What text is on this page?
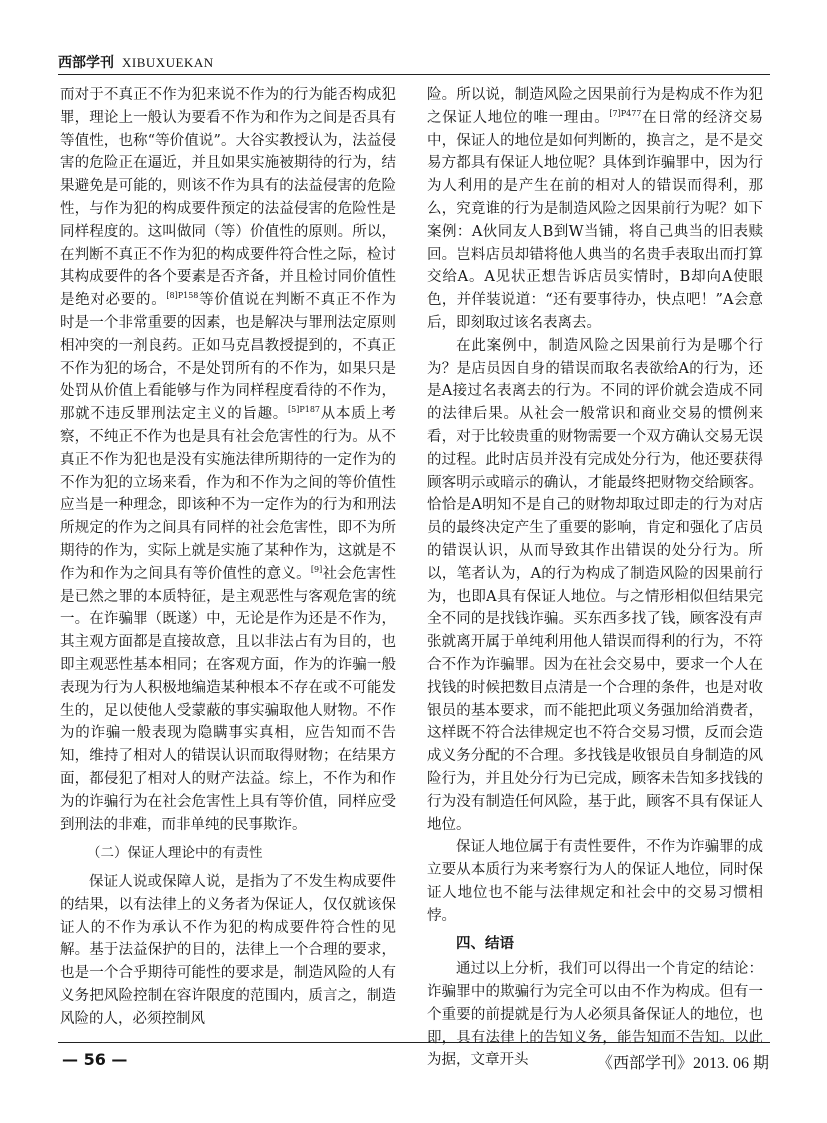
西部学刊 XIBUXUEKAN

而对于不真正不作为犯来说不作为的行为能否构成犯罪，理论上一般认为要看不作为和作为之间是否具有等值性，也称“等价值说”。大谷实教授认为，法益侵害的危险正在逼近，并且如果实施被期待的行为，结果避免是可能的，则该不作为具有的法益侵害的危险性，与作为犯的构成要件预定的法益侵害的危险性是同样程度的。这叫做同（等）价值性的原则。所以，在判断不真正不作为犯的构成要件符合性之际，检讨其构成要件的各个要素是否齐备，并且检讨同价值性是绝对必要的。$^{[8]P158}$等价值说在判断不真正不作为时是一个非常重要的因素，也是解决与罪刑法定原则相冲突的一剂良药。正如马克昌教授提到的，不真正不作为犯的场合，不是处罚所有的不作为，如果只是处罚从价值上看能够与作为同样程度看待的不作为，那就不违反罪刑法定主义的旨趣。$^{[5]P187}$从本质上考察，不纯正不作为也是具有社会危害性的行为。从不真正不作为犯也是没有实施法律所期待的一定作为的不作为犯的立场来看，作为和不作为之间的等价值性应当是一种理念，即该种不为一定作为的行为和刑法所规定的作为之间具有同样的社会危害性，即不为所期待的作为，实际上就是实施了某种作为，这就是不作为和作为之间具有等价值性的意义。[9]社会危害性是已然之罪的本质特征，是主观恶性与客观危害的统一。在诈骗罪（既遂）中，无论是作为还是不作为，其主观方面都是直接故意，且以非法占有为目的，也即主观恶性基本相同；在客观方面，作为的诈骗一般表现为行为人积极地编造某种根本不存在或不可能发生的，足以使他人受蒙蔽的事实骗取他人财物。不作为的诈骗一般表现为隐瞒事实真相，应告知而不告知，维持了相对人的错误认识而取得财物；在结果方面，都侵犯了相对人的财产法益。综上，不作为和作为的诈骗行为在社会危害性上具有等价值，同样应受到刑法的非难，而非单纯的民事欺诈。

（二）保证人理论中的有责性

保证人说或保障人说，是指为了不发生构成要件的结果，以有法律上的义务者为保证人，仅仅就该保证人的不作为承认不作为犯的构成要件符合性的见解。基于法益保护的目的，法律上一个合理的要求，也是一个合乎期待可能性的要求是，制造风险的人有义务把风险控制在容许限度的范围内，质言之，制造风险的人，必须控制风

险。所以说，制造风险之因果前行为是构成不作为犯之保证人地位的唯一理由。$^{[7]P477}$在日常的经济交易中，保证人的地位是如何判断的，换言之，是不是交易方都具有保证人地位呢？具体到诈骗罪中，因为行为人利用的是产生在前的相对人的错误而得利，那么，究竟谁的行为是制造风险之因果前行为呢？如下案例：A伙同友人B到W当铺，将自己典当的旧表赎回。岂料店员却错将他人典当的名贵手表取出而打算交给A。A见状正想告诉店员实情时，B却向A使眼色，并佯装说道：“还有要事待办，快点吧！”A会意后，即刻取过该名表离去。

在此案例中，制造风险之因果前行为是哪个行为？是店员因自身的错误而取名表欲给A的行为，还是A接过名表离去的行为。不同的评价就会造成不同的法律后果。从社会一般常识和商业交易的惯例来看，对于比较贵重的财物需要一个双方确认交易无误的过程。此时店员并没有完成处分行为，他还要获得顾客明示或暗示的确认，才能最终把财物交给顾客。恰恰是A明知不是自己的财物却取过即走的行为对店员的最终决定产生了重要的影响，肯定和强化了店员的错误认识，从而导致其作出错误的处分行为。所以，笔者认为，A的行为构成了制造风险的因果前行为，也即A具有保证人地位。与之情形相似但结果完全不同的是找钱诈骗。买东西多找了钱，顾客没有声张就离开属于单纯利用他人错误而得利的行为，不符合不作为诈骗罪。因为在社会交易中，要求一个人在找钱的时候把数目点清是一个合理的条件，也是对收银员的基本要求，而不能把此项义务强加给消费者，这样既不符合法律规定也不符合交易习惯，反而会造成义务分配的不合理。多找钱是收银员自身制造的风险行为，并且处分行为已完成，顾客未告知多找钱的行为没有制造任何风险，基于此，顾客不具有保证人地位。

保证人地位属于有责性要件，不作为诈骗罪的成立要从本质行为来考察行为人的保证人地位，同时保证人地位也不能与法律规定和社会中的交易习惯相悖。

四、结语

通过以上分析，我们可以得出一个肯定的结论：诈骗罪中的欺骗行为完全可以由不作为构成。但有一个重要的前提就是行为人必须具备保证人的地位，也即，具有法律上的告知义务，能告知而不告知。以此为据，文章开头

— 56 —	《西部学刊》2013. 06 期
